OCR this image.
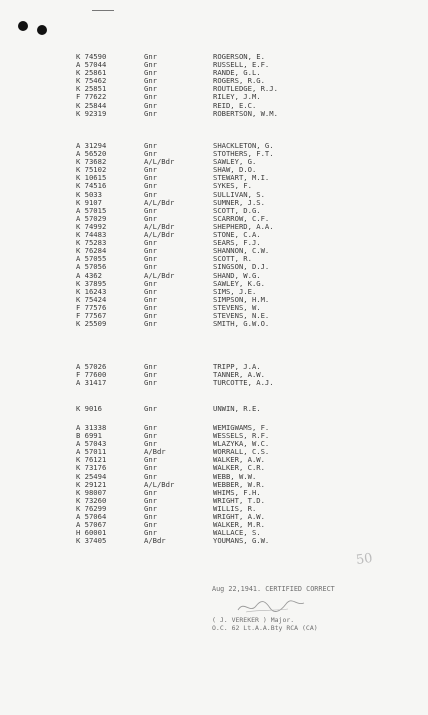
K 74590	Gnr	ROGERSON, E.
A 57044	Gnr	RUSSELL, E.F.
K 25861	Gnr	RANDE, G.L.
K 75462	Gnr	ROGERS, R.G.
K 25851	Gnr	ROUTLEDGE, R.J.
F 77622	Gnr	RILEY, J.M.
K 25844	Gnr	REID, E.C.
K 92319	Gnr	ROBERTSON, W.M.
A 31294	Gnr	SHACKLETON, G.
A 56520	Gnr	STOTHERS, F.T.
K 73682	A/L/Bdr	SAWLEY, G.
K 75102	Gnr	SHAW, D.O.
K 10615	Gnr	STEWART, M.I.
K 74516	Gnr	SYKES, F.
K 5033	Gnr	SULLIVAN, S.
K 9107	A/L/Bdr	SUMNER, J.S.
A 57015	Gnr	SCOTT, D.G.
A 57029	Gnr	SCARROW, C.F.
K 74992	A/L/Bdr	SHEPHERD, A.A.
K 74483	A/L/Bdr	STONE, C.A.
K 75283	Gnr	SEARS, F.J.
K 76284	Gnr	SHANNON, C.W.
A 57055	Gnr	SCOTT, R.
A 57056	Gnr	SINGSON, D.J.
A 4362	A/L/Bdr	SHAND, W.G.
K 37895	Gnr	SAWLEY, K.G.
K 16243	Gnr	SIMS, J.E.
K 75424	Gnr	SIMPSON, H.M.
F 77576	Gnr	STEVENS, W.
F 77567	Gnr	STEVENS, N.E.
K 25509	Gnr	SMITH, G.W.O.
A 57026	Gnr	TRIPP, J.A.
F 77600	Gnr	TANNER, A.W.
A 31417	Gnr	TURCOTTE, A.J.
K 9016	Gnr	UNWIN, R.E.
A 31338	Gnr	WEMIGWAMS, F.
B 6991	Gnr	WESSELS, R.F.
A 57043	Gnr	WLAZYKA, W.C.
A 57011	A/Bdr	WORRALL, C.S.
K 76121	Gnr	WALKER, A.W.
K 73176	Gnr	WALKER, C.R.
K 25494	Gnr	WEBB, W.W.
K 29121	A/L/Bdr	WEBBER, W.R.
K 98007	Gnr	WHIMS, F.H.
K 73260	Gnr	WRIGHT, T.D.
K 76299	Gnr	WILLIS, R.
A 57064	Gnr	WRIGHT, A.W.
A 57067	Gnr	WALKER, M.R.
H 60001	Gnr	WALLACE, S.
K 37405	A/Bdr	YOUMANS, G.W.
50
Aug 22,1941. CERTIFIED CORRECT
( J. VEREKER ) Major.
O.C. 62 Lt.A.A.Bty RCA (CA)
